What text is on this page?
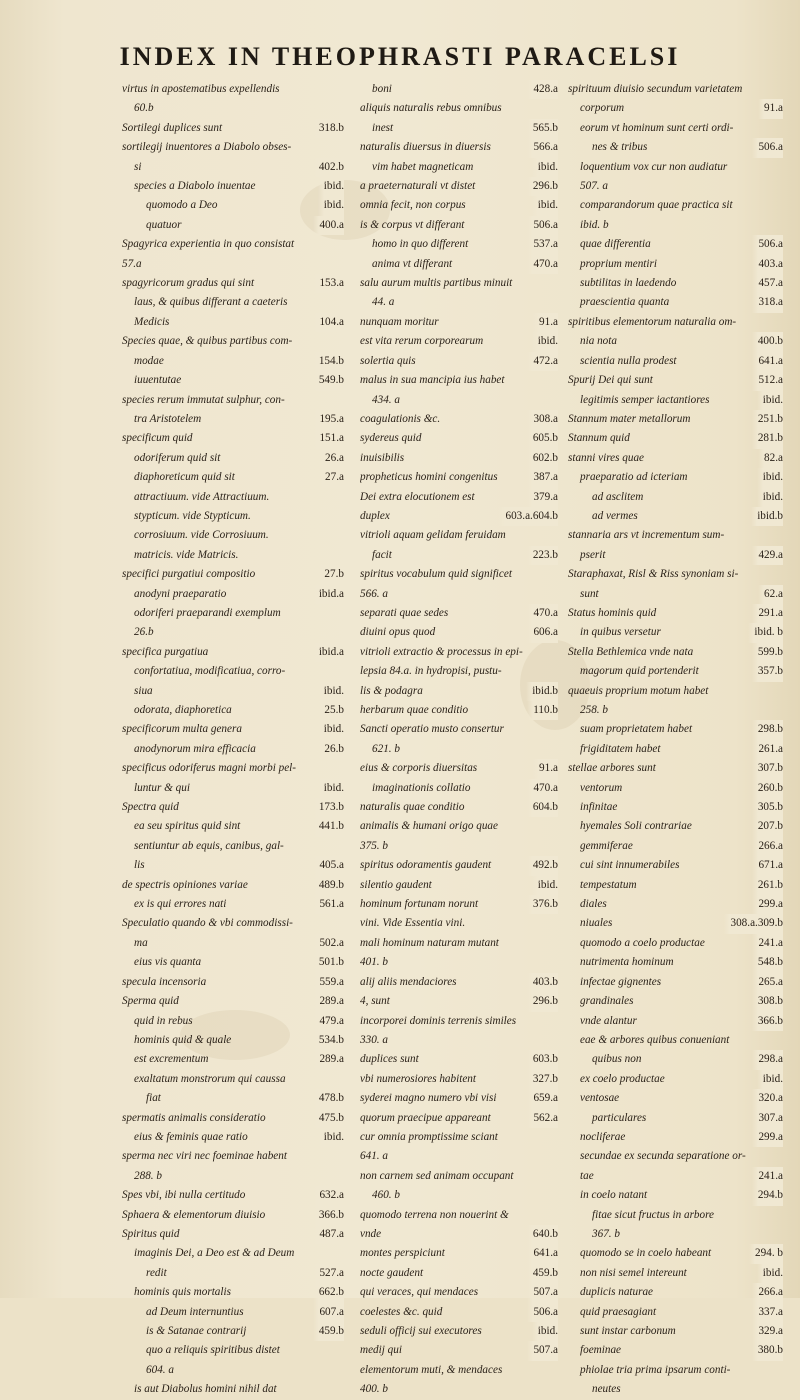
INDEX IN THEOPHRASTI PARACELSI
virtus in apostematibus expellendis
60.b
Sortilegi duplices sunt	318.b
sortilegij inuentores a Diabolo obses-
si	402.b
species a Diabolo inuentae	ibid.
quomodo a Deo	ibid.
quatuor	400.a
Spagyrica experientia in quo consistat
57.a
spagyricorum gradus qui sint	153.a
laus, & quibus differant a caeteris
Medicis	104.a
Species quae, & quibus partibus com-
modae	154.b
iuuentutae	549.b
species rerum immutat sulphur, con-
tra Aristotelem	195.a
specificum quid	151.a
odoriferum quid sit	26.a
diaphoreticum quid sit	27.a
attractiuum. vide Attractiuum.
stypticum. vide Stypticum.
corrosiuum. vide Corrosiuum.
matricis. vide Matricis.
specifici purgatiui compositio	27.b
anodyni praeparatio	ibid.a
odoriferi praeparandi exemplum
26.b
specifica purgatiua	ibid.a
confortatiua, modificatiua, corro-
siua	ibid.
odorata, diaphoretica	25.b
specificorum multa genera	ibid.
anodynorum mira efficacia	26.b
specificus odoriferus magni morbi pel-
luntur & qui	ibid.
Spectra quid	173.b
ea seu spiritus quid sint	441.b
sentiuntur ab equis, canibus, gal-
lis	405.a
de spectris opiniones variae	489.b
ex is qui errores nati	561.a
Speculatio quando & vbi commodissi-
ma	502.a
eius vis quanta	501.b
specula incensoria	559.a
Sperma quid	289.a
quid in rebus	479.a
hominis quid & quale	534.b
est excrementum	289.a
exaltatum monstrorum qui caussa
fiat	478.b
spermatis animalis consideratio	475.b
eius & feminis quae ratio	ibid.
sperma nec viri nec foeminae habent
288. b
Spes vbi, ibi nulla certitudo	632.a
Sphaera & elementorum diuisio	366.b
Spiritus quid	487.a
imaginis Dei, a Deo est & ad Deum
redit	527.a
hominis quis mortalis	662.b
ad Deum internuntius	607.a
is & Satanae contrarij	459.b
quo a reliquis spiritibus distet
604. a
is aut Diabolus homini nihil dat
boni	428.a
aliquis naturalis rebus omnibus
inest	565.b
naturalis diuersus in diuersis	566.a
vim habet magneticam	ibid.
a praeternaturali vt distet	296.b
omnia fecit, non corpus	ibid.
is & corpus vt differant	506.a
homo in quo different	537.a
anima vt differant	470.a
salu aurum multis partibus minuit
44. a
nunquam moritur	91.a
est vita rerum corporearum	ibid.
solertia quis	472.a
malus in sua mancipia ius habet
434. a
coagulationis &c.	308.a
sydereus quid	605.b
inuisibilis	602.b
propheticus homini congenitus	387.a
Dei extra elocutionem est	379.a
duplex	603.a.604.b
vitrioli aquam gelidam feruidam
facit	223.b
spiritus vocabulum quid significet
566. a
separati quae sedes	470.a
diuini opus quod	606.a
vitrioli extractio & processus in epi-
lepsia 84.a. in hydropisi, pustu-
lis & podagra	ibid.b
herbarum quae conditio	110.b
Sancti operatio musto consertur
621. b
eius & corporis diuersitas	91.a
imaginationis collatio	470.a
naturalis quae conditio	604.b
animalis & humani origo quae
375. b
spiritus odoramentis gaudent	492.b
silentio gaudent	ibid.
hominum fortunam norunt	376.b
vini. Vide Essentia vini.
mali hominum naturam mutant
401. b
alij aliis mendaciores	403.b
4, sunt	296.b
incorporei dominis terrenis similes
330. a
duplices sunt	603.b
vbi numerosiores habitent	327.b
syderei magno numero vbi visi	659.a
quorum praecipue appareant	562.a
cur omnia promptissime sciant
641. a
non carnem sed animam occupant
460. b
quomodo terrena non nouerint &
vnde	640.b
montes perspiciunt	641.a
nocte gaudent	459.b
qui veraces, qui mendaces	507.a
coelestes &c. quid	506.a
seduli officij sui executores	ibid.
medij qui	507.a
elementorum muti, & mendaces
400. b
spirituum diuisio secundum varietatem
corporum	91.a
eorum vt hominum sunt certi ordi-
nes & tribus	506.a
loquentium vox cur non audiatur
507. a
comparandorum quae practica sit
ibid. b
quae differentia	506.a
proprium mentiri	403.a
subtilitas in laedendo	457.a
praescientia quanta	318.a
spiritibus elementorum naturalia om-
nia nota	400.b
scientia nulla prodest	641.a
Spurij Dei qui sunt	512.a
legitimis semper iactantiores	ibid.
Stannum mater metallorum	251.b
Stannum quid	281.b
stanni vires quae	82.a
praeparatio ad icteriam	ibid.
ad asclitem	ibid.
ad vermes	ibid.b
stannaria ars vt incrementum sum-
pserit	429.a
Staraphaxat, Risl & Riss synoniam si-
sunt	62.a
Status hominis quid	291.a
in quibus versetur	ibid. b
Stella Bethlemica vnde nata	599.b
magorum quid portenderit	357.b
quaeuis proprium motum habet
258. b
suam proprietatem habet	298.b
frigiditatem habet	261.a
stellae arbores sunt	307.b
ventorum	260.b
infinitae	305.b
hyemales Soli contrariae	207.b
gemmiferae	266.a
cui sint innumerabiles	671.a
tempestatum	261.b
diales	299.a
niuales	308.a.309.b
quomodo a coelo productae	241.a
nutrimenta hominum	548.b
infectae gignentes	265.a
grandinales	308.b
vnde alantur	366.b
eae & arbores quibus conueniant
quibus non	298.a
ex coelo productae	ibid.
ventosae	320.a
particulares	307.a
nocliferae	299.a
secundae ex secunda separatione or-
tae	241.a
in coelo natant	294.b
fitae sicut fructus in arbore
367. b
quomodo se in coelo habeant	294. b
non nisi semel intereunt	ibid.
duplicis naturae	266.a
quid praesagiant	337.a
sunt instar carbonum	329.a
foeminae	380.b
phiolae tria prima ipsarum conti-
neutes
